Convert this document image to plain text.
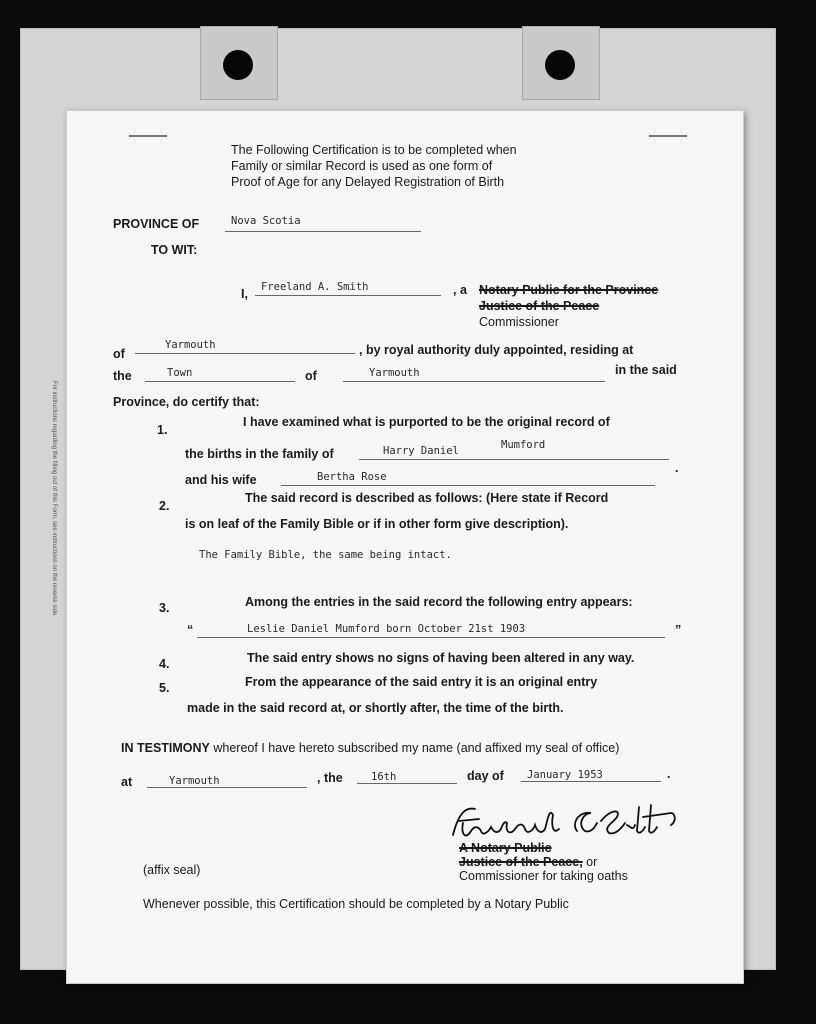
The Following Certification is to be completed when
Family or similar Record is used as one form of
Proof of Age for any Delayed Registration of Birth
PROVINCE OF	Nova Scotia
TO WIT:
I, Freeland A. Smith	, a Notary Public for the Province
Justice of the Peace
Commissioner
of
Yarmouth	, by royal authority duly appointed, residing at
the	Town	of	Yarmouth	in the said
Province, do certify that:
1.
I have examined what is purported to be the original record of
the births in the family of	Harry Daniel	Mumford
and his wife	Bertha Rose
.
2.
The said record is described as follows: (Here state if Record
is on leaf of the Family Bible or if in other form give description).
The Family Bible, the same being intact.
3.	Among the entries in the said record the following entry appears:
“	Leslie Daniel Mumford born October 21st 1903	”
4.	The said entry shows no signs of having been altered in any way.
5.	From the appearance of the said entry it is an original entry
made in the said record at, or shortly after, the time of the birth.
IN TESTIMONY whereof I have hereto subscribed my name (and affixed my seal of office)
at	Yarmouth	, the	16th	day of January 1953	.
A Notary Public
Justice of the Peace, or
Commissioner for taking oaths
(affix seal)
Whenever possible, this Certification should be completed by a Notary Public
